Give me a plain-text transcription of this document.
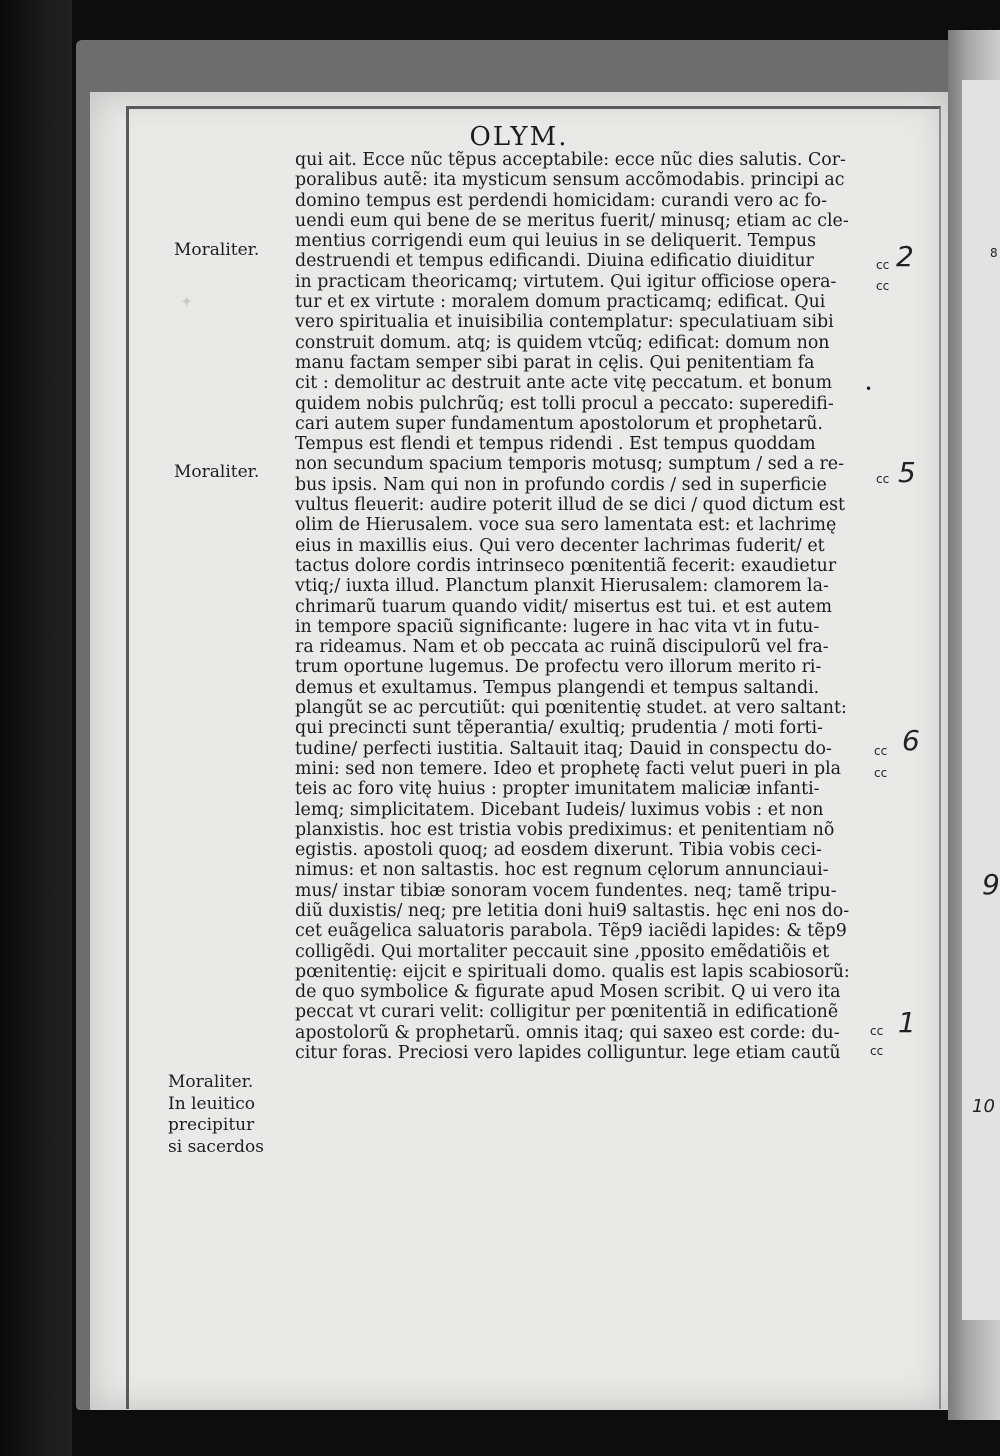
8
✦
OLYM.
qui ait. Ecce nũc tẽpus acceptabile: ecce nũc dies salutis. Cor-
poralibus autẽ: ita mysticum sensum accõmodabis. principi ac
domino tempus est perdendi homicidam: curandi vero ac fo-
uendi eum qui bene de se meritus fuerit/ minusq; etiam ac cle-
mentius corrigendi eum qui leuius in se deliquerit. Tempus
destruendi et tempus edificandi. Diuina edificatio diuiditur
in practicam theoricamq; virtutem. Qui igitur officiose opera-
tur et ex virtute : moralem domum practicamq; edificat. Qui
vero spiritualia et inuisibilia contemplatur: speculatiuam sibi
construit domum. atq; is quidem vtcũq; edificat: domum non
manu factam semper sibi parat in cęlis. Qui penitentiam fa
cit : demolitur ac destruit ante acte vitę peccatum. et bonum
quidem nobis pulchrũq; est tolli procul a peccato: superedifi-
cari autem super fundamentum apostolorum et prophetarũ.
Tempus est flendi et tempus ridendi . Est tempus quoddam
non secundum spacium temporis motusq; sumptum / sed a re-
bus ipsis. Nam qui non in profundo cordis / sed in superficie
vultus fleuerit: audire poterit illud de se dici / quod dictum est
olim de Hierusalem. voce sua sero lamentata est: et lachrimę
eius in maxillis eius. Qui vero decenter lachrimas fuderit/ et
tactus dolore cordis intrinseco pœnitentiã fecerit: exaudietur
vtiq;/ iuxta illud. Planctum planxit Hierusalem: clamorem la-
chrimarũ tuarum quando vidit/ misertus est tui. et est autem
in tempore spaciũ significante: lugere in hac vita vt in futu-
ra rideamus. Nam et ob peccata ac ruinã discipulorũ vel fra-
trum oportune lugemus. De profectu vero illorum merito ri-
demus et exultamus. Tempus plangendi et tempus saltandi.
plangũt se ac percutiũt: qui pœnitentię studet. at vero saltant:
qui precincti sunt tẽperantia/ exultiq; prudentia / moti forti-
tudine/ perfecti iustitia. Saltauit itaq; Dauid in conspectu do-
mini: sed non temere. Ideo et prophetę facti velut pueri in pla
teis ac foro vitę huius : propter imunitatem maliciæ infanti-
lemq; simplicitatem. Dicebant Iudeis/ luximus vobis : et non
planxistis. hoc est tristia vobis prediximus: et penitentiam nõ
egistis. apostoli quoq; ad eosdem dixerunt. Tibia vobis ceci-
nimus: et non saltastis. hoc est regnum cęlorum annunciaui-
mus/ instar tibiæ sonoram vocem fundentes. neq; tamẽ tripu-
diũ duxistis/ neq; pre letitia doni hui9 saltastis. hęc eni nos do-
cet euãgelica saluatoris parabola. Tẽp9 iaciẽdi lapides: & tẽp9
colligẽdi. Qui mortaliter peccauit sine ,pposito emẽdatiõis et
pœnitentię: eijcit e spirituali domo. qualis est lapis scabiosorũ:
de quo symbolice & figurate apud Mosen scribit. Q ui vero ita
peccat vt curari velit: colligitur per pœnitentiã in edificationẽ
apostolorũ & prophetarũ. omnis itaq; qui saxeo est corde: du-
citur foras. Preciosi vero lapides colliguntur. lege etiam cautũ
Moraliter.
Moraliter.
Moraliter.
In leuitico
precipitur
si sacerdos
cc
cc
2
•
cc 5
cc
cc
6
cc
cc
1
9
10
